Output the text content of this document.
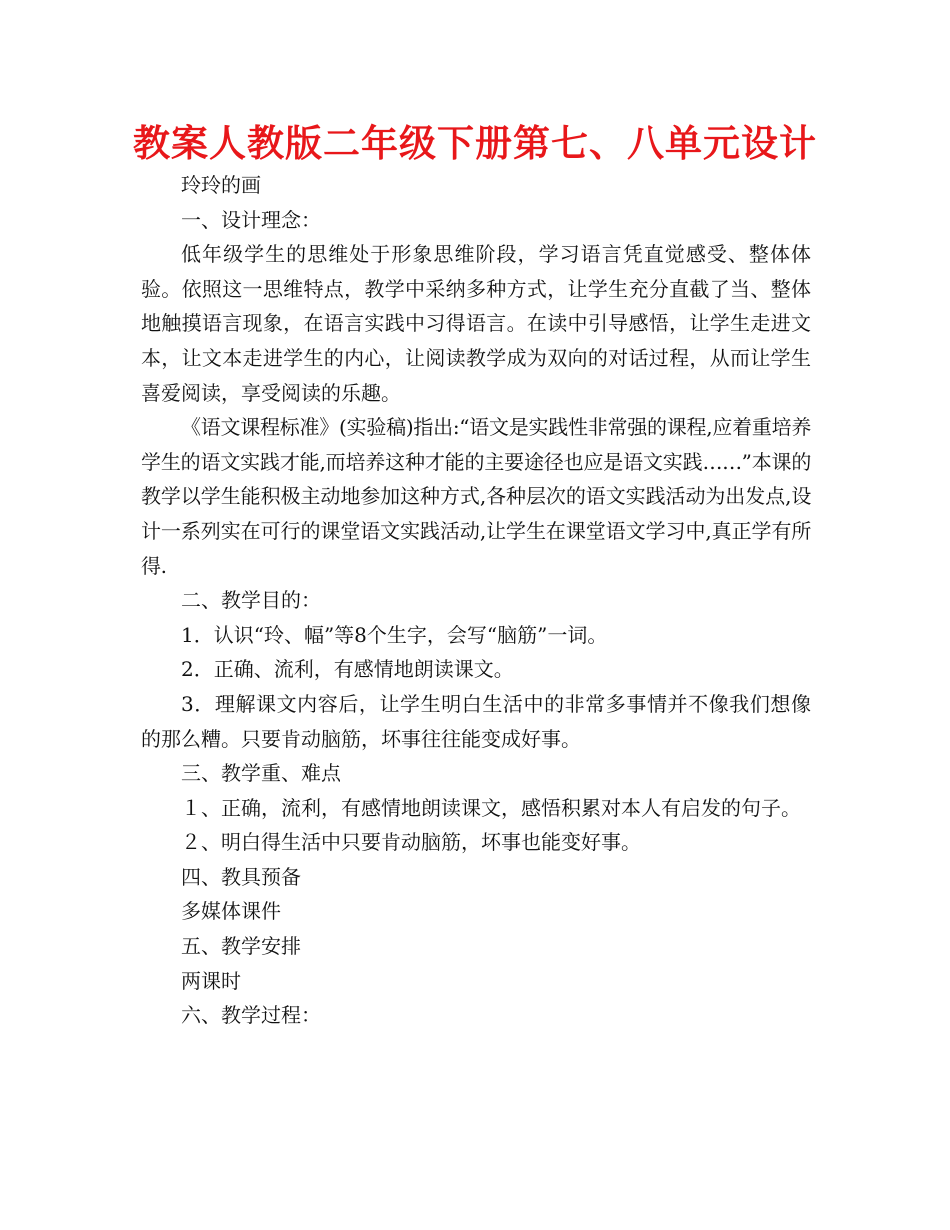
教案人教版二年级下册第七、八单元设计

玲玲的画

一、设计理念：

低年级学生的思维处于形象思维阶段，学习语言凭直觉感受、整体体验。依照这一思维特点，教学中采纳多种方式，让学生充分直截了当、整体地触摸语言现象，在语言实践中习得语言。在读中引导感悟，让学生走进文本，让文本走进学生的内心，让阅读教学成为双向的对话过程，从而让学生喜爱阅读，享受阅读的乐趣。

《语文课程标准》(实验稿)指出:“语文是实践性非常强的课程,应着重培养学生的语文实践才能,而培养这种才能的主要途径也应是语文实践……”本课的教学以学生能积极主动地参加这种方式,各种层次的语文实践活动为出发点,设计一系列实在可行的课堂语文实践活动,让学生在课堂语文学习中,真正学有所得.

二、教学目的：

1．认识“玲、幅”等8个生字，会写“脑筋”一词。

2．正确、流利，有感情地朗读课文。

3．理解课文内容后，让学生明白生活中的非常多事情并不像我们想像的那么糟。只要肯动脑筋，坏事往往能变成好事。

三、教学重、难点

１、正确，流利，有感情地朗读课文，感悟积累对本人有启发的句子。

２、明白得生活中只要肯动脑筋，坏事也能变好事。

四、教具预备

多媒体课件

五、教学安排

两课时

六、教学过程：
